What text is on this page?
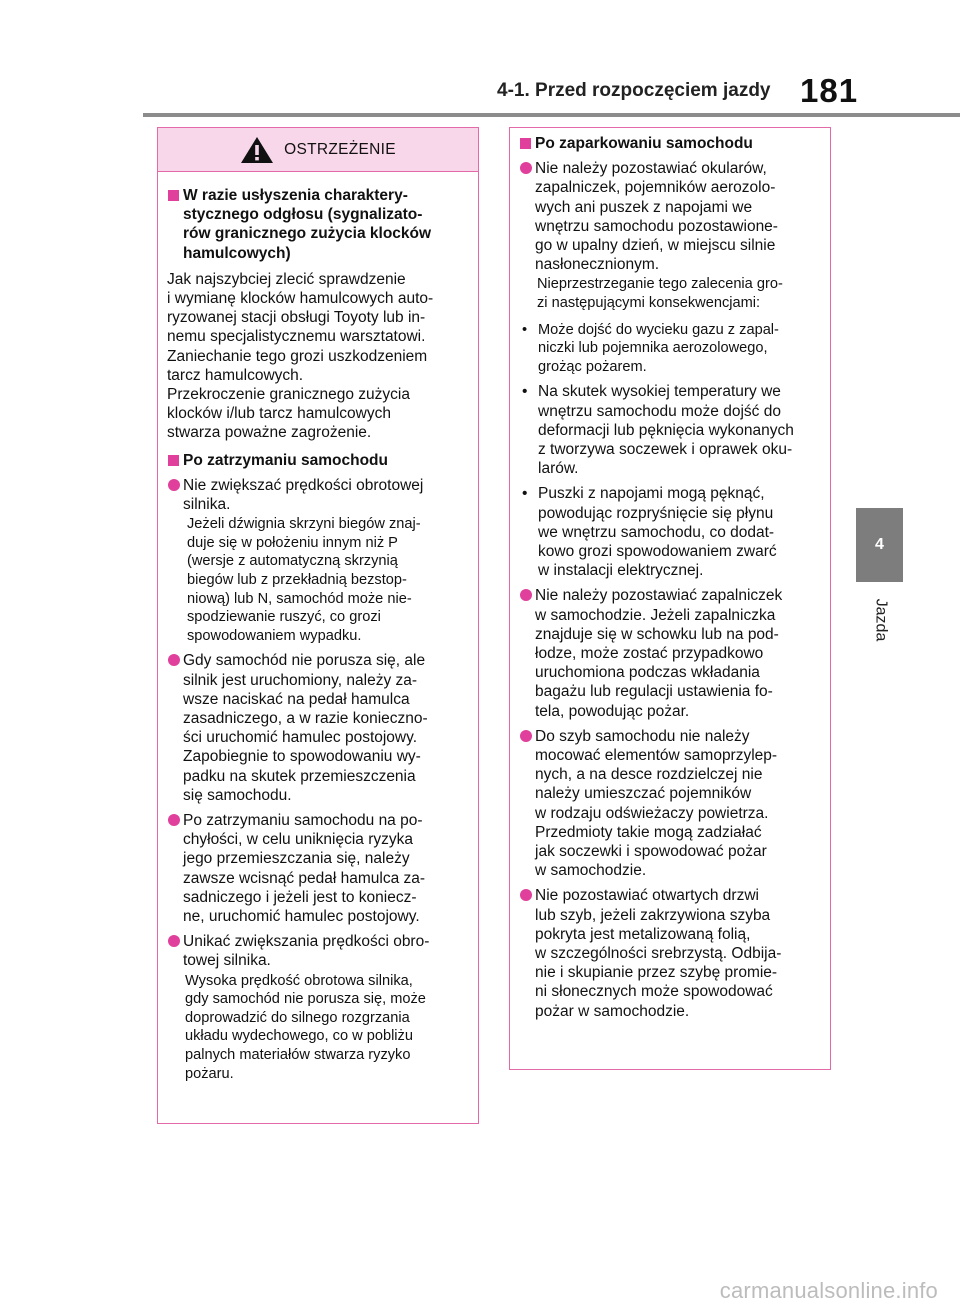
4-1. Przed rozpoczęciem jazdy 181
4
Jazda
OSTRZEŻENIE
W razie usłyszenia charaktery-
stycznego odgłosu (sygnalizato-
rów granicznego zużycia klocków
hamulcowych)
Jak najszybciej zlecić sprawdzenie
i wymianę klocków hamulcowych auto-
ryzowanej stacji obsługi Toyoty lub in-
nemu specjalistycznemu warsztatowi.
Zaniechanie tego grozi uszkodzeniem
tarcz hamulcowych.
Przekroczenie granicznego zużycia
klocków i/lub tarcz hamulcowych
stwarza poważne zagrożenie.
Po zatrzymaniu samochodu
Nie zwiększać prędkości obrotowej
silnika.
Jeżeli dźwignia skrzyni biegów znaj-
duje się w położeniu innym niż P
(wersje z automatyczną skrzynią
biegów lub z przekładnią bezstop-
niową) lub N, samochód może nie-
spodziewanie ruszyć, co grozi
spowodowaniem wypadku.
Gdy samochód nie porusza się, ale
silnik jest uruchomiony, należy za-
wsze naciskać na pedał hamulca
zasadniczego, a w razie konieczno-
ści uruchomić hamulec postojowy.
Zapobiegnie to spowodowaniu wy-
padku na skutek przemieszczenia
się samochodu.
Po zatrzymaniu samochodu na po-
chyłości, w celu uniknięcia ryzyka
jego przemieszczania się, należy
zawsze wcisnąć pedał hamulca za-
sadniczego i jeżeli jest to koniecz-
ne, uruchomić hamulec postojowy.
Unikać zwiększania prędkości obro-
towej silnika.
Wysoka prędkość obrotowa silnika,
gdy samochód nie porusza się, może
doprowadzić do silnego rozgrzania
układu wydechowego, co w pobliżu
palnych materiałów stwarza ryzyko
pożaru.
Po zaparkowaniu samochodu
Nie należy pozostawiać okularów,
zapalniczek, pojemników aerozolo-
wych ani puszek z napojami we
wnętrzu samochodu pozostawione-
go w upalny dzień, w miejscu silnie
nasłonecznionym.
Nieprzestrzeganie tego zalecenia gro-
zi następującymi konsekwencjami:
• Może dojść do wycieku gazu z zapal-
niczki lub pojemnika aerozolowego,
grożąc pożarem.
• Na skutek wysokiej temperatury we
wnętrzu samochodu może dojść do
deformacji lub pęknięcia wykonanych
z tworzywa soczewek i oprawek oku-
larów.
• Puszki z napojami mogą pęknąć,
powodując rozpryśnięcie się płynu
we wnętrzu samochodu, co dodat-
kowo grozi spowodowaniem zwarć
w instalacji elektrycznej.
Nie należy pozostawiać zapalniczek
w samochodzie. Jeżeli zapalniczka
znajduje się w schowku lub na pod-
łodze, może zostać przypadkowo
uruchomiona podczas wkładania
bagażu lub regulacji ustawienia fo-
tela, powodując pożar.
Do szyb samochodu nie należy
mocować elementów samoprzylep-
nych, a na desce rozdzielczej nie
należy umieszczać pojemników
w rodzaju odświeżaczy powietrza.
Przedmioty takie mogą zadziałać
jak soczewki i spowodować pożar
w samochodzie.
Nie pozostawiać otwartych drzwi
lub szyb, jeżeli zakrzywiona szyba
pokryta jest metalizowaną folią,
w szczególności srebrzystą. Odbija-
nie i skupianie przez szybę promie-
ni słonecznych może spowodować
pożar w samochodzie.
carmanualsonline.info
